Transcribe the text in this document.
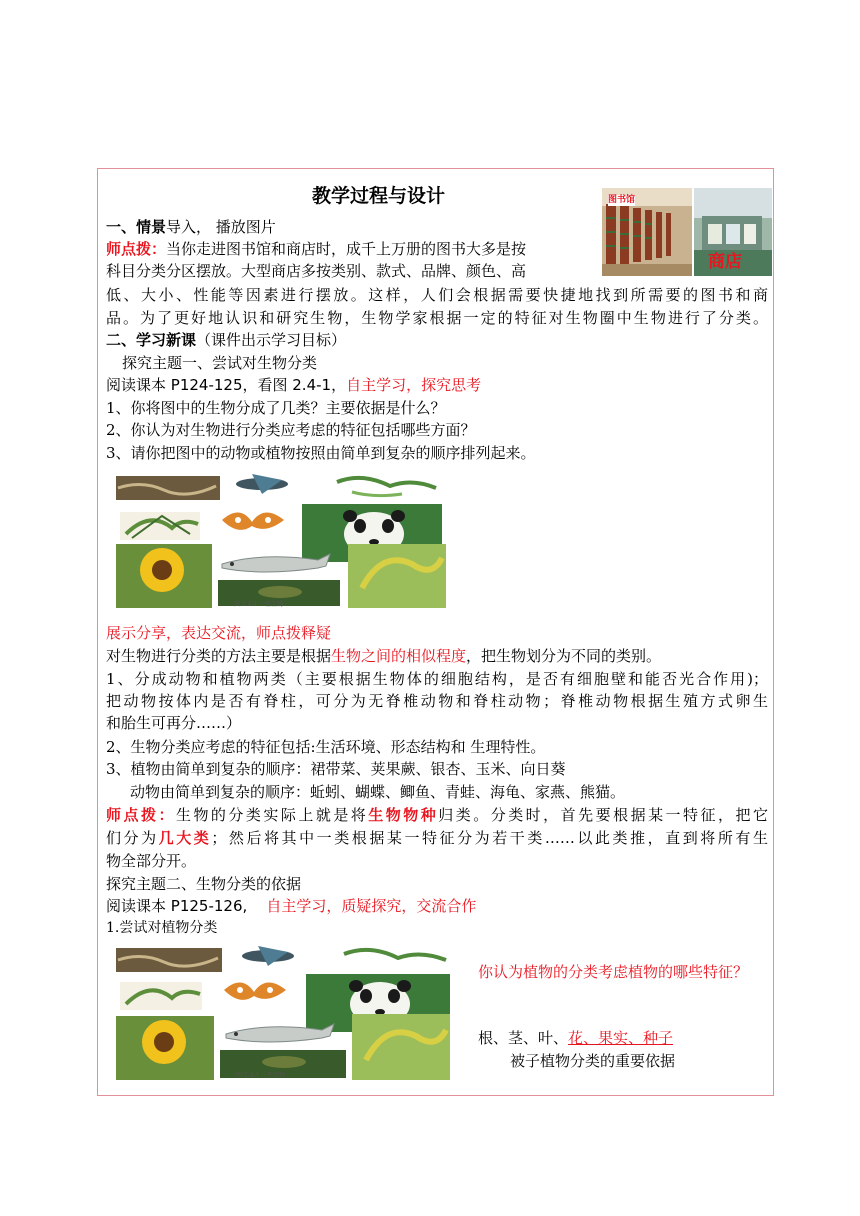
教学过程与设计	图书馆
商店
一、情景导入， 播放图片
师点拨：当你走进图书馆和商店时，成千上万册的图书大多是按
科目分类分区摆放。大型商店多按类别、款式、品牌、颜色、高
低、大小、性能等因素进行摆放。这样，人们会根据需要快捷地找到所需要的图书和商
品。为了更好地认识和研究生物，生物学家根据一定的特征对生物圈中生物进行了分类。
二、学习新课（课件出示学习目标）
探究主题一、尝试对生物分类
阅读课本 P124-125，看图 2.4-1，自主学习，探究思考
1、你将图中的生物分成了几类？主要依据是什么？
2、你认为对生物进行分类应考虑的特征包括哪些方面？
3、请你把图中的动物或植物按照由简单到复杂的顺序排列起来。
图 2.4-1 一些生物
展示分享，表达交流，师点拨释疑
对生物进行分类的方法主要是根据生物之间的相似程度，把生物划分为不同的类别。
1、分成动物和植物两类（主要根据生物体的细胞结构，是否有细胞壁和能否光合作用)；
把动物按体内是否有脊柱，可分为无脊椎动物和脊柱动物；脊椎动物根据生殖方式卵生
和胎生可再分……）
2、生物分类应考虑的特征包括:生活环境、形态结构和 生理特性。
3、植物由简单到复杂的顺序：裙带菜、荚果蕨、银杏、玉米、向日葵
动物由简单到复杂的顺序：蚯蚓、蝴蝶、鲫鱼、青蛙、海龟、家燕、熊猫。
师点拨：生物的分类实际上就是将生物物种归类。分类时，首先要根据某一特征，把它
们分为几大类；然后将其中一类根据某一特征分为若干类……以此类推，直到将所有生
物全部分开。
探究主题二、生物分类的依据
阅读课本 P125-126,    自主学习，质疑探究，交流合作
1.尝试对植物分类
图 2.4-1 一些生物
你认为植物的分类考虑植物的哪些特征？
根、茎、叶、花、果实、种子
被子植物分类的重要依据
